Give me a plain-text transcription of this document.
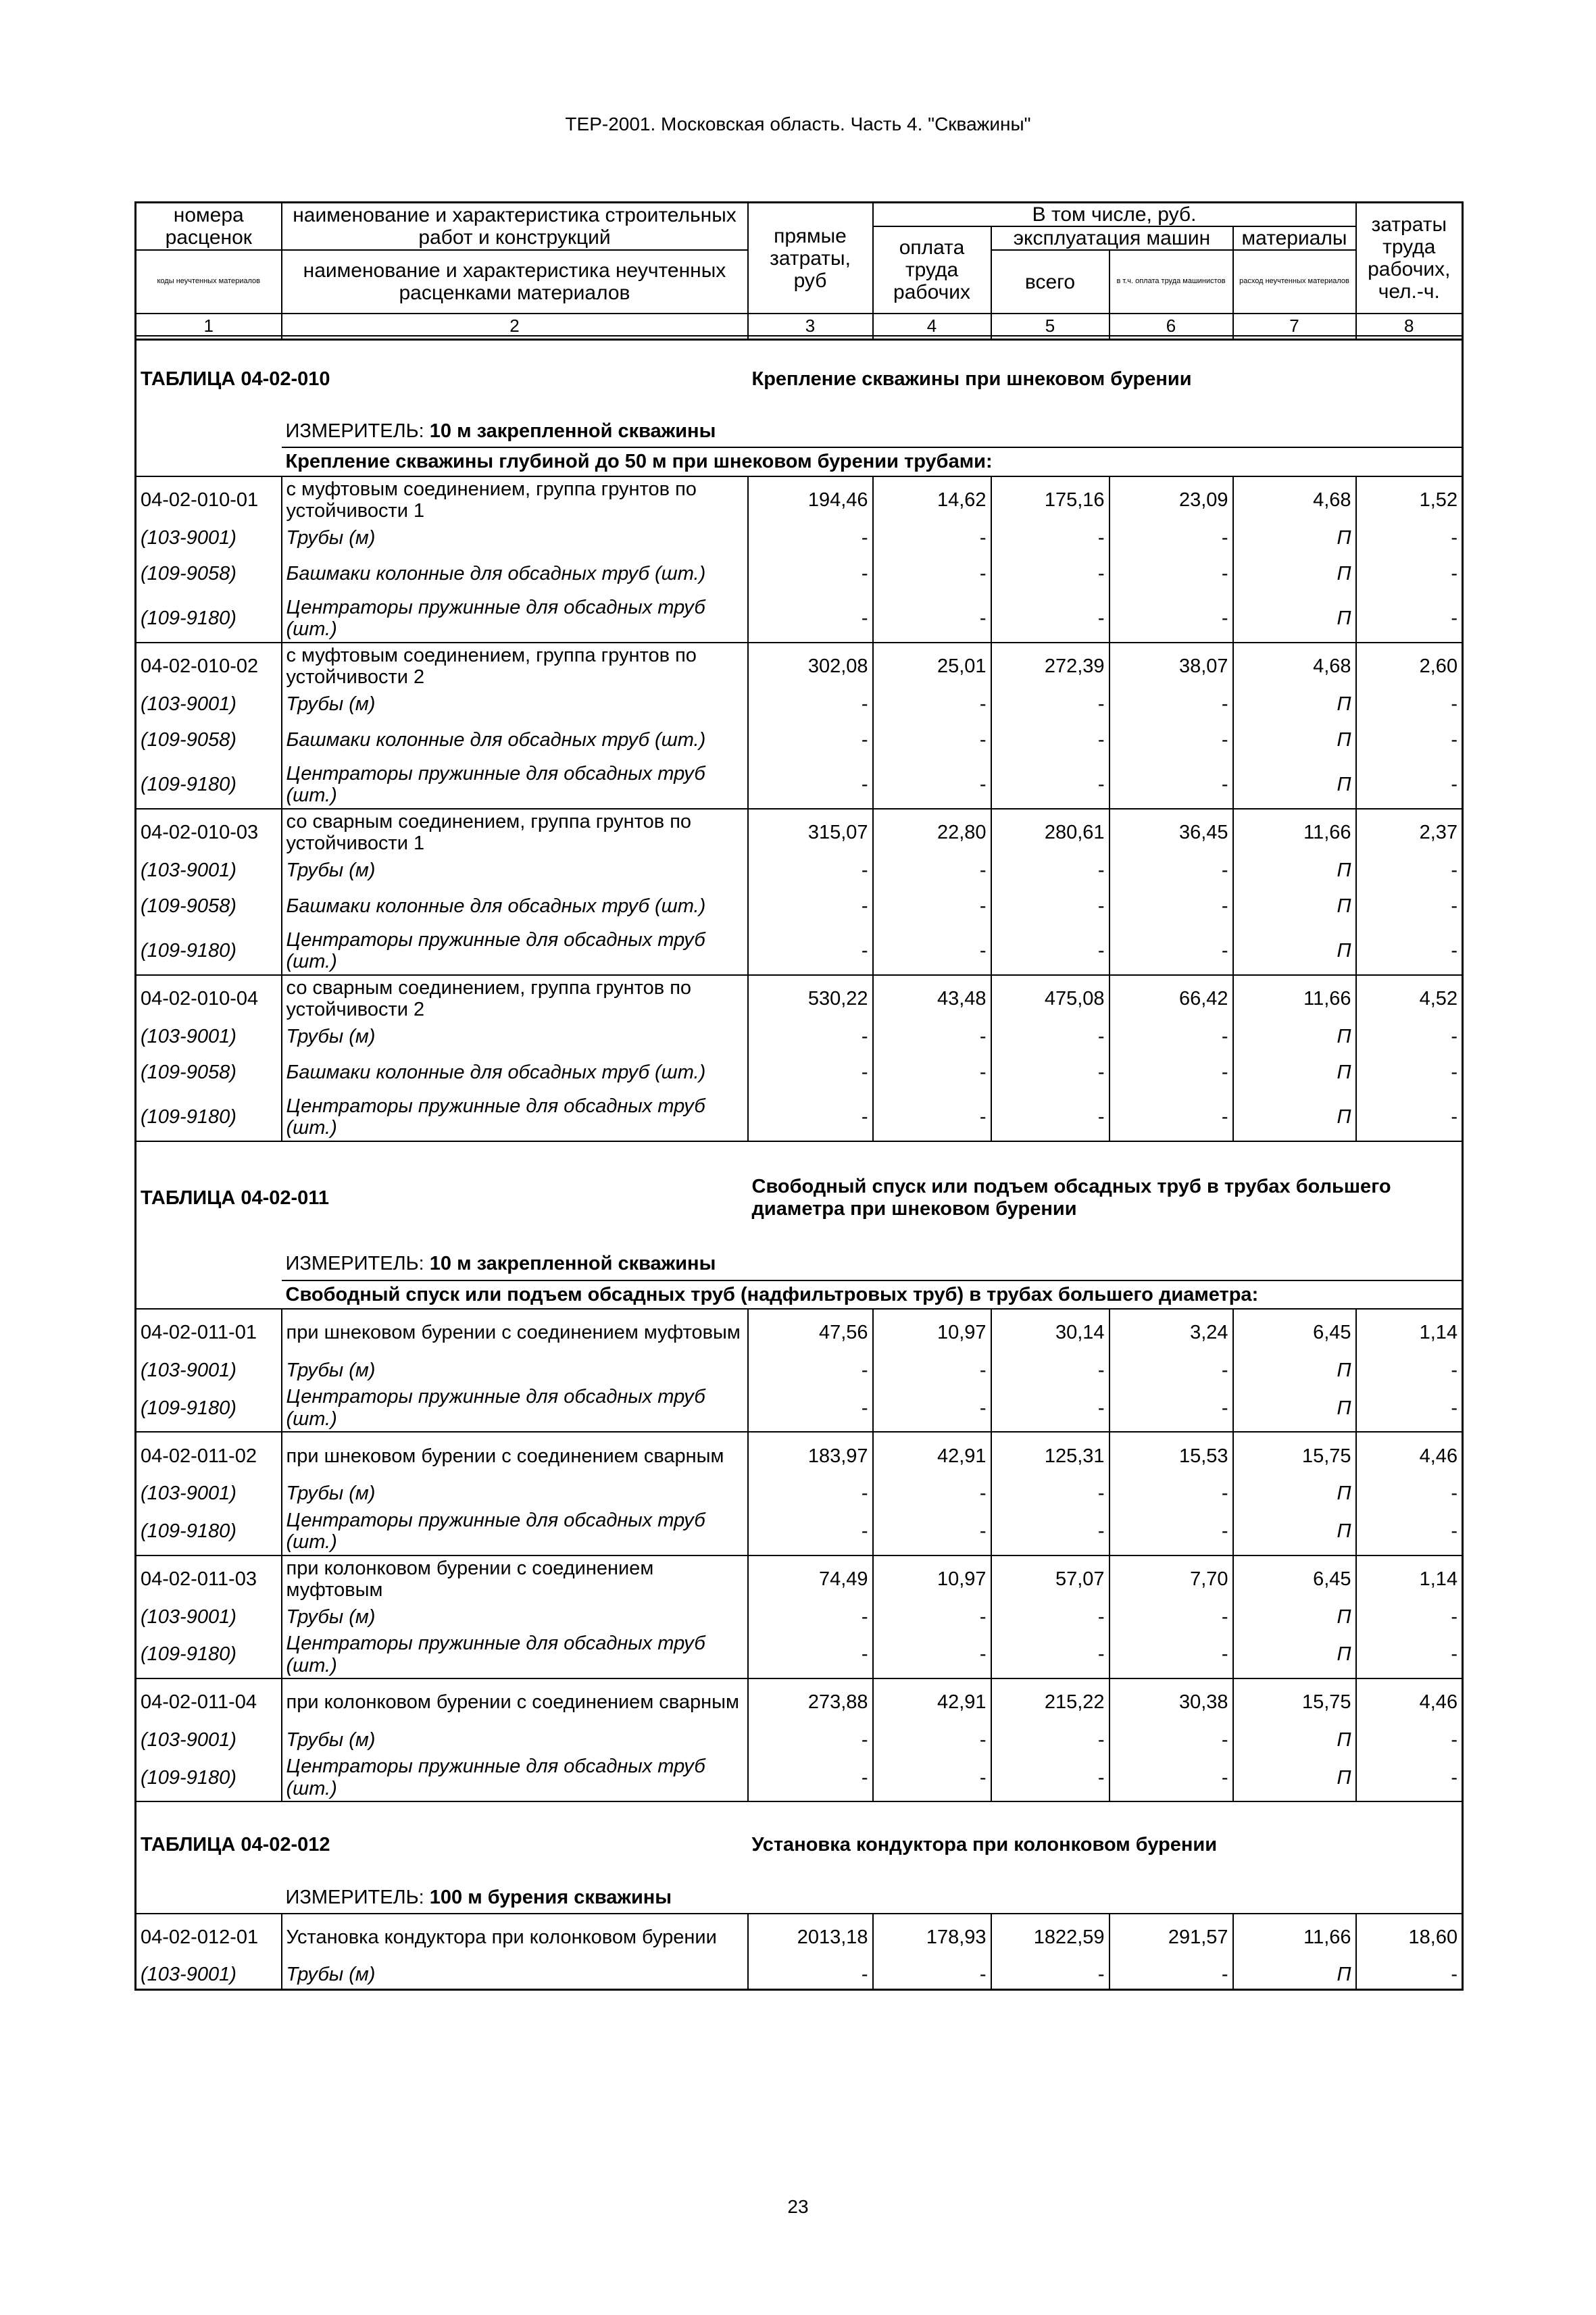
ТЕР-2001. Московская область. Часть 4. "Скважины"
номера расценок	наименование и характеристика строительных работ и конструкций	прямые затраты, руб	В том числе, руб.				затраты труда рабочих, чел.-ч.
			оплата труда рабочих	эксплуатация машин		материалы	
коды неучтенных материалов	наименование и характеристика неучтенных расценками материалов			всего	в т.ч. оплата труда машинистов	расход неучтенных материалов	

1	2	3	4	5	6	7	8
ТАБЛИЦА 04-02-010		Крепление скважины при шнековом бурении					
	ИЗМЕРИТЕЛЬ: 10 м закрепленной скважины						
	Крепление скважины глубиной до 50 м при шнековом бурении трубами:						
04-02-010-01	с муфтовым соединением, группа грунтов по устойчивости 1	194,46	14,62	175,16	23,09	4,68	1,52
(103-9001)	Трубы (м)	-	-	-	-	П	-
(109-9058)	Башмаки колонные для обсадных труб (шт.)	-	-	-	-	П	-
(109-9180)	Центраторы пружинные для обсадных труб (шт.)	-	-	-	-	П	-
04-02-010-02	с муфтовым соединением, группа грунтов по устойчивости 2	302,08	25,01	272,39	38,07	4,68	2,60
(103-9001)	Трубы (м)	-	-	-	-	П	-
(109-9058)	Башмаки колонные для обсадных труб (шт.)	-	-	-	-	П	-
(109-9180)	Центраторы пружинные для обсадных труб (шт.)	-	-	-	-	П	-
04-02-010-03	со сварным соединением, группа грунтов по устойчивости 1	315,07	22,80	280,61	36,45	11,66	2,37
(103-9001)	Трубы (м)	-	-	-	-	П	-
(109-9058)	Башмаки колонные для обсадных труб (шт.)	-	-	-	-	П	-
(109-9180)	Центраторы пружинные для обсадных труб (шт.)	-	-	-	-	П	-
04-02-010-04	со сварным соединением, группа грунтов по устойчивости 2	530,22	43,48	475,08	66,42	11,66	4,52
(103-9001)	Трубы (м)	-	-	-	-	П	-
(109-9058)	Башмаки колонные для обсадных труб (шт.)	-	-	-	-	П	-
(109-9180)	Центраторы пружинные для обсадных труб (шт.)	-	-	-	-	П	-
ТАБЛИЦА 04-02-011		Свободный спуск или подъем обсадных труб в трубах большего диаметра при шнековом бурении					
	ИЗМЕРИТЕЛЬ: 10 м закрепленной скважины						
	Свободный спуск или подъем обсадных труб (надфильтровых труб) в трубах большего диаметра:						
04-02-011-01	при шнековом бурении с соединением муфтовым	47,56	10,97	30,14	3,24	6,45	1,14
(103-9001)	Трубы (м)	-	-	-	-	П	-
(109-9180)	Центраторы пружинные для обсадных труб (шт.)	-	-	-	-	П	-
04-02-011-02	при шнековом бурении с соединением сварным	183,97	42,91	125,31	15,53	15,75	4,46
(103-9001)	Трубы (м)	-	-	-	-	П	-
(109-9180)	Центраторы пружинные для обсадных труб (шт.)	-	-	-	-	П	-
04-02-011-03	при колонковом бурении с соединением муфтовым	74,49	10,97	57,07	7,70	6,45	1,14
(103-9001)	Трубы (м)	-	-	-	-	П	-
(109-9180)	Центраторы пружинные для обсадных труб (шт.)	-	-	-	-	П	-
04-02-011-04	при колонковом бурении с соединением сварным	273,88	42,91	215,22	30,38	15,75	4,46
(103-9001)	Трубы (м)	-	-	-	-	П	-
(109-9180)	Центраторы пружинные для обсадных труб (шт.)	-	-	-	-	П	-
ТАБЛИЦА 04-02-012		Установка кондуктора при колонковом бурении					
	ИЗМЕРИТЕЛЬ: 100 м бурения скважины						
04-02-012-01	Установка кондуктора при колонковом бурении	2013,18	178,93	1822,59	291,57	11,66	18,60
(103-9001)	Трубы (м)	-	-	-	-	П	-
23
